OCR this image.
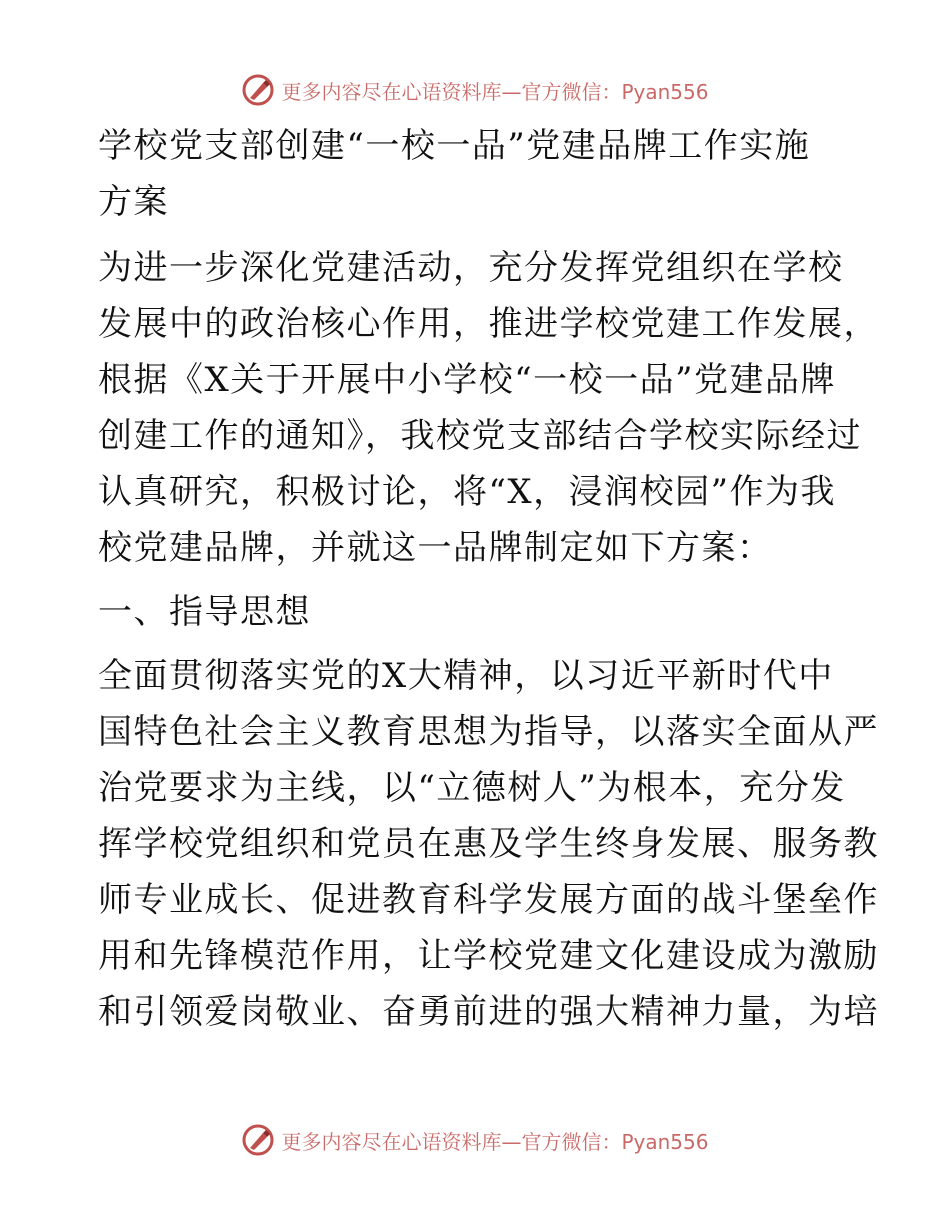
更多内容尽在心语资料库—官方微信：Pyan556
学校党支部创建“一校一品”党建品牌工作实施
方案
为进一步深化党建活动，充分发挥党组织在学校
发展中的政治核心作用，推进学校党建工作发展，
根据《X关于开展中小学校“一校一品”党建品牌
创建工作的通知》，我校党支部结合学校实际经过
认真研究，积极讨论，将“X，浸润校园”作为我
校党建品牌，并就这一品牌制定如下方案：
一、指导思想
全面贯彻落实党的X大精神，以习近平新时代中
国特色社会主义教育思想为指导，以落实全面从严
治党要求为主线，以“立德树人”为根本，充分发
挥学校党组织和党员在惠及学生终身发展、服务教
师专业成长、促进教育科学发展方面的战斗堡垒作
用和先锋模范作用，让学校党建文化建设成为激励
和引领爱岗敬业、奋勇前进的强大精神力量，为培
更多内容尽在心语资料库—官方微信：Pyan556
